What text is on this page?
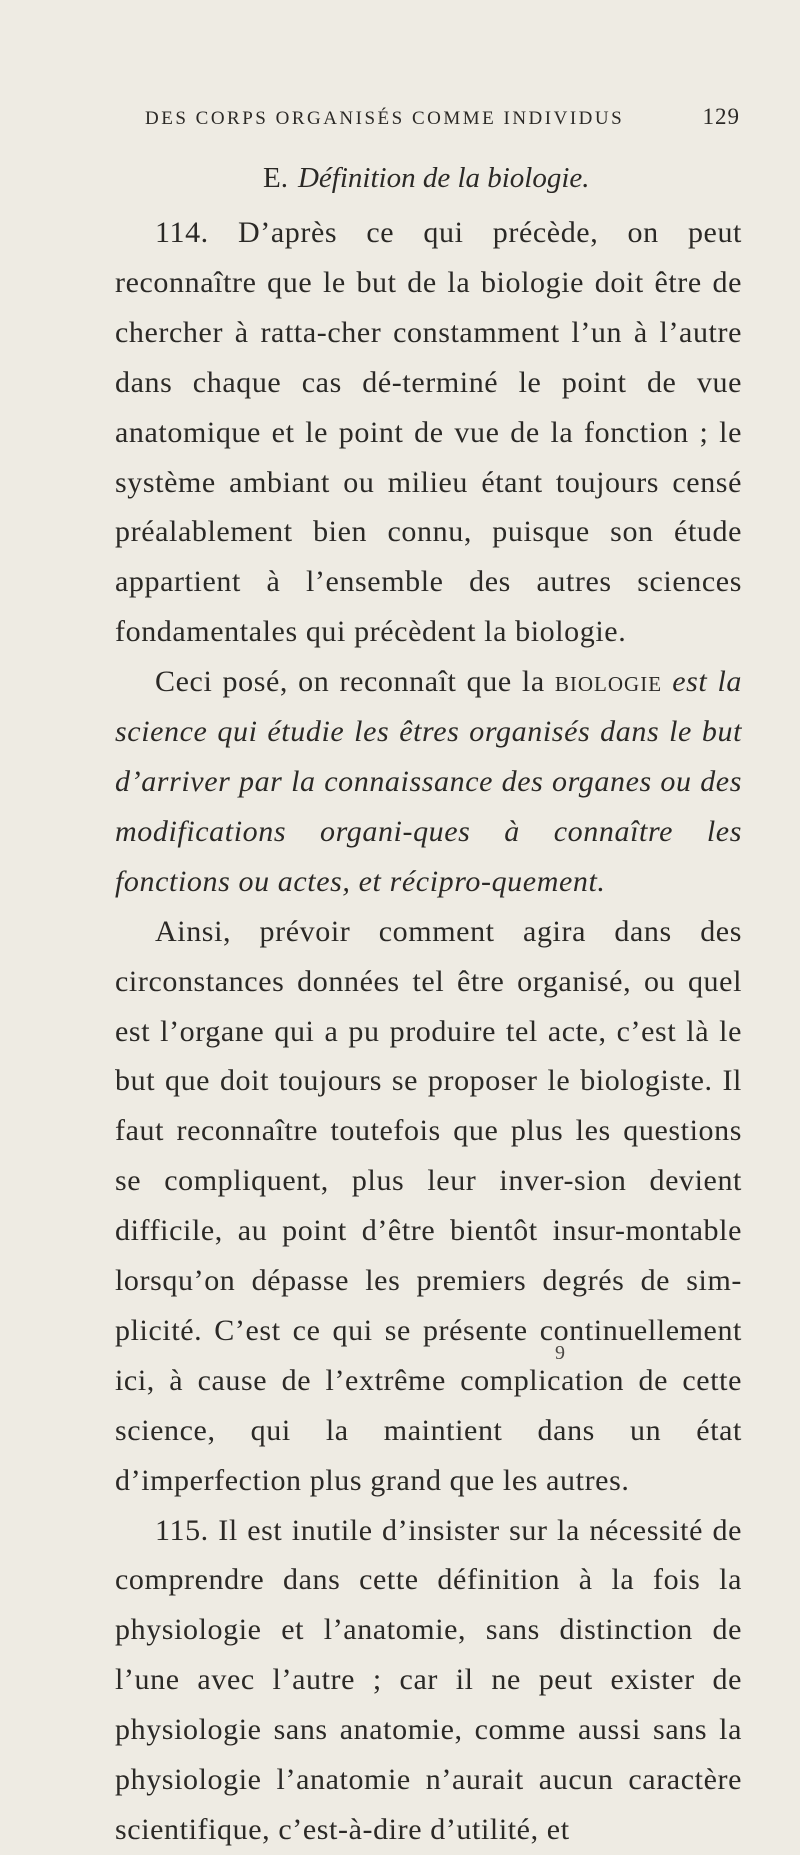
DES CORPS ORGANISÉS COMME INDIVIDUS	129
E. Définition de la biologie.

114. D’après ce qui précède, on peut reconnaître que le but de la biologie doit être de chercher à ratta-cher constamment l’un à l’autre dans chaque cas dé-terminé le point de vue anatomique et le point de vue de la fonction ; le système ambiant ou milieu étant toujours censé préalablement bien connu, puisque son étude appartient à l’ensemble des autres sciences fondamentales qui précèdent la biologie.

Ceci posé, on reconnaît que la biologie est la science qui étudie les êtres organisés dans le but d’arriver par la connaissance des organes ou des modifications organi-ques à connaître les fonctions ou actes, et récipro-quement.

Ainsi, prévoir comment agira dans des circonstances données tel être organisé, ou quel est l’organe qui a pu produire tel acte, c’est là le but que doit toujours se proposer le biologiste. Il faut reconnaître toutefois que plus les questions se compliquent, plus leur inver-sion devient difficile, au point d’être bientôt insur-montable lorsqu’on dépasse les premiers degrés de sim-plicité. C’est ce qui se présente continuellement ici, à cause de l’extrême complication de cette science, qui la maintient dans un état d’imperfection plus grand que les autres.

115. Il est inutile d’insister sur la nécessité de comprendre dans cette définition à la fois la physiologie et l’anatomie, sans distinction de l’une avec l’autre ; car il ne peut exister de physiologie sans anatomie, comme aussi sans la physiologie l’anatomie n’aurait aucun caractère scientifique, c’est-à-dire d’utilité, et

9
